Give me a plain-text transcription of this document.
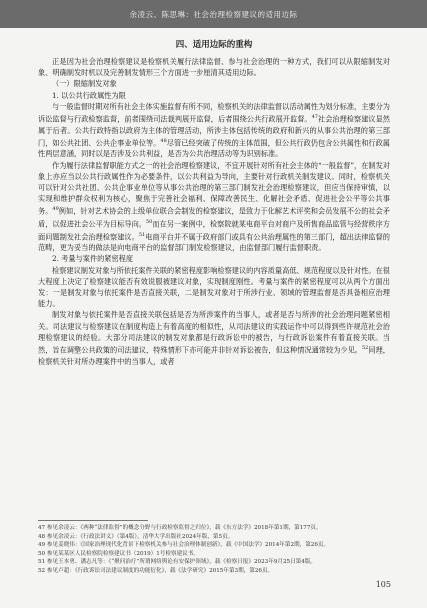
余凌云、陈思琳：社会治理检察建议的适用边际
四、适用边际的重构

正是因为社会治理检察建议是检察机关履行法律监督、参与社会治理的一种方式，我们可以从限缩制发对象、明确制发时机以及完善制发情形三个方面进一步厘清其适用边际。

（一）限缩制发对象

1. 以公共行政属性为限

与一般监督时期对所有社会主体实施监督有所不同，检察机关的法律监督以活动属性为划分标准，主要分为诉讼监督与行政检察监督，前者围绕司法裁判展开监督，后者围绕公共行政展开监督。$^{47}$社会治理检察建议显然属于后者。公共行政特指以政府为主体的管理活动，所涉主体包括传统的政府和新兴的从事公共治理的第三部门，如公共社团、公共企事业单位等。$^{48}$尽管已经突破了传统的主体范围，但公共行政仍包含公共属性和行政属性两层意涵，同时以是否涉及公共利益，是否为公共治理活动等为识别标准。

作为履行法律监督职能方式之一的社会治理检察建议，不宜开展针对所有社会主体的“一般监督”，在制发对象上亦应当以公共行政属性作为必要条件，以公共利益为导向，主要针对行政机关制发建议。同时，检察机关可以针对公共社团、公共企事业单位等从事公共治理的第三部门制发社会治理检察建议，但应当保持审慎，以实现和维护群众权利为核心，聚焦于完善社会福利、保障改善民生、化解社会矛盾、促进社会公平等公共事务。$^{49}$例如，针对艺术协会的上级单位联合会制发的检察建议，是致力于化解艺术评奖和会员发展不公的社会矛盾，以促进社会公平为目标导向。$^{50}$而在另一案例中，检察院就某电商平台对商户及所售商品监管与经营秩序方面问题制发社会治理检察建议。$^{51}$电商平台并不属于政府部门或具有公共治理属性的第三部门，超出法律监督的范畴，更为妥当的做法是向电商平台的监督部门制发检察建议，由监督部门履行监督职责。

2. 考量与案件的紧密程度

检察建议制发对象与所依托案件关联的紧密程度影响检察建议的内容质量高低、规范程度以及针对性。在很大程度上决定了检察建议能否有效说服被建议对象，实现制度刚性。考量与案件的紧密程度可以从两个方面出发：一是制发对象与依托案件是否直接关联，二是制发对象对于所涉行业、领域的管理监督是否具备相应治理能力。

制发对象与依托案件是否直接关联包括是否为所涉案件的当事人，或者是否与所涉的社会治理问题紧密相关。司法建议与检察建议在制度构造上有着高度的相似性，从司法建议的实践运作中可以得到些许规范社会治理检察建议的经验。大部分司法建议的制发对象都是行政诉讼中的被告，与行政诉讼案件有着直接关联。当然，旨在调整公共政策的司法建议，特殊情形下亦可能并非针对诉讼被告，但这种情况通常较为少见。$^{52}$同理，检察机关针对所办理案件中的当事人，或者

47 参见余凌云：《两种“法律监督”的概念分野与行政检察监督之归位》，载《东方法学》2018年第1期，第177页。

48 参见余凌云：《行政法讲义》（第4版），清华大学出版社2024年版，第5页。

49 参见姜晓伟：《国家治理现代化背景下检察机关参与社会治理体制创新》，载《中国法学》2014年第2期，第26页。

50 参见某某区人民检察院检察建议书（2019）1号检察建议书。

51 参见王本勇、潘志凡等：《“聚问治疗”所谓网络舆论有安保护领域》，载《检察日报》2023年9月25日第4版。

52 参见卢超：《行政诉讼司法建议制度的功能衍化》，载《法学研究》2015年第3期，第26页。

105
